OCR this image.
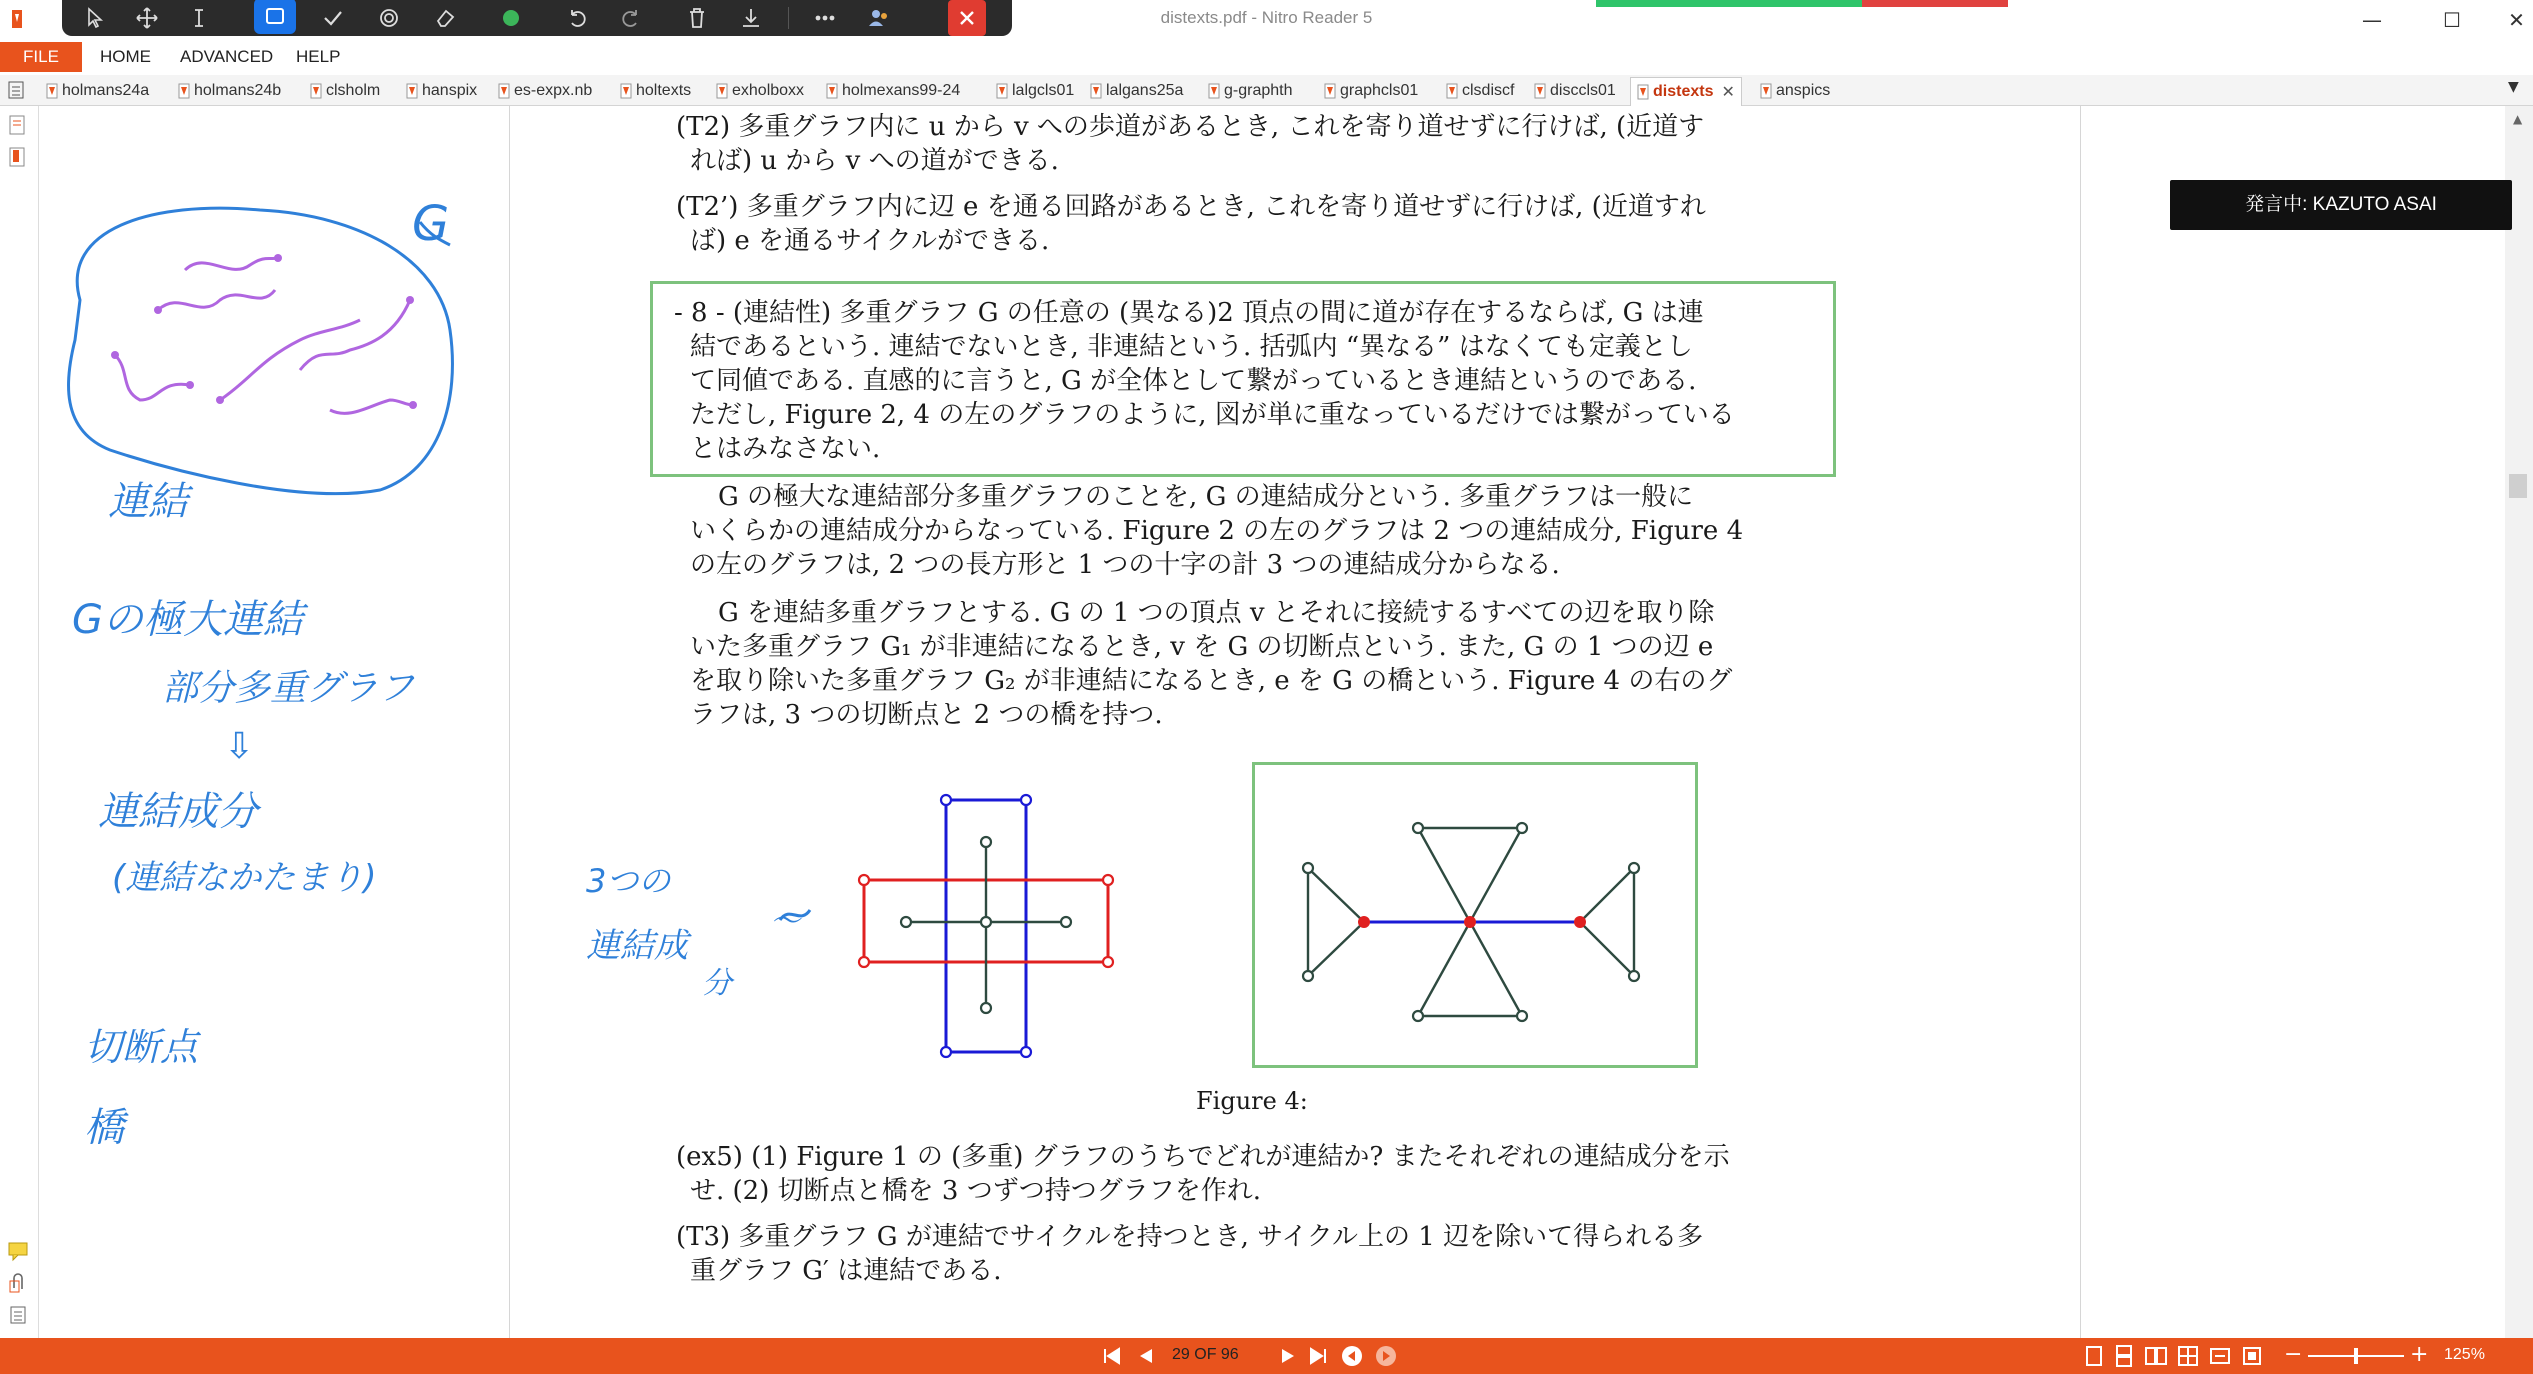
distexts.pdf - Nitro Reader 5	—	☐	✕
FILE	HOME ADVANCED HELP
holmans24a	holmans24b	clsholm	hanspix es-expx.nb	holtexts	exholboxx holmexans99-24	lalgcls01 lalgans25a	g-graphth	graphcls01	clsdiscf disccls01 distexts ✕	anspics	▼
▲
(T2) 多重グラフ内に u から v への歩道があるとき, これを寄り道せずに行けば, (近道す
れば) u から v への道ができる.
(T2’) 多重グラフ内に辺 e を通る回路があるとき, これを寄り道せずに行けば, (近道すれ
ば) e を通るサイクルができる.
- 8 - (連結性) 多重グラフ G の任意の (異なる)2 頂点の間に道が存在するならば, G は連
結であるという. 連結でないとき, 非連結という. 括弧内 “異なる” はなくても定義とし
て同値である. 直感的に言うと, G が全体として繋がっているとき連結というのである.
ただし, Figure 2, 4 の左のグラフのように, 図が単に重なっているだけでは繋がっている
とはみなさない.
G の極大な連結部分多重グラフのことを, G の連結成分という. 多重グラフは一般に
いくらかの連結成分からなっている. Figure 2 の左のグラフは 2 つの連結成分, Figure 4
の左のグラフは, 2 つの長方形と 1 つの十字の計 3 つの連結成分からなる.
G を連結多重グラフとする. G の 1 つの頂点 v とそれに接続するすべての辺を取り除
いた多重グラフ G₁ が非連結になるとき, v を G の切断点という. また, G の 1 つの辺 e
を取り除いた多重グラフ G₂ が非連結になるとき, e を G の橋という. Figure 4 の右のグ
ラフは, 3 つの切断点と 2 つの橋を持つ.
Figure 4:
(ex5) (1) Figure 1 の (多重) グラフのうちでどれが連結か? またそれぞれの連結成分を示
せ. (2) 切断点と橋を 3 つずつ持つグラフを作れ.
(T3) 多重グラフ G が連結でサイクルを持つとき, サイクル上の 1 辺を除いて得られる多
重グラフ G′ は連結である.
G
連結
Gの極大連結
部分多重グラフ
⇩
連結成分
(連結なかたまり)	3つの
連結成
分
〜
切断点
橋
発言中: KAZUTO ASAI
29 OF 96	−	+ 125%
